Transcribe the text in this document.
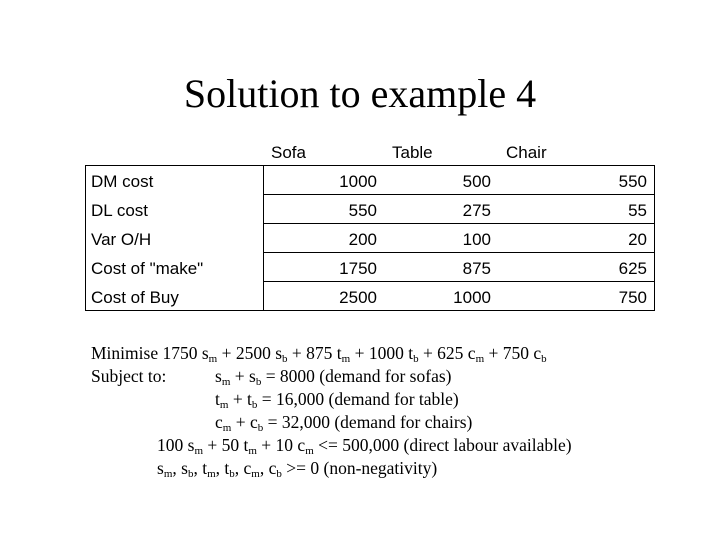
Solution to example 4
Sofa	Table	Chair
DM cost	1000	500	550
DL cost	550	275	55
Var O/H	200	100	20
Cost of "make"	1750	875	625
Cost of Buy	2500	1000	750
Minimise 1750 $s_m + 2500$ $s_b + 875$ $t_m + 1000$ $t_b + 625$ $c_m + 750$ $c_b$
Subject to:	$s_m + s_b = 8000$ (demand for sofas)
$t_m + t_b = 16,000$ (demand for table)
$c_m + c_b = 32,000$ (demand for chairs)
100 $s_m + 50$ $t_m + 10$ $c_m <= 500,000$ (direct labour available)
$s_m$, $s_b$, $t_m$, $t_b$, $c_m$, $c_b >= 0$ (non-negativity)
